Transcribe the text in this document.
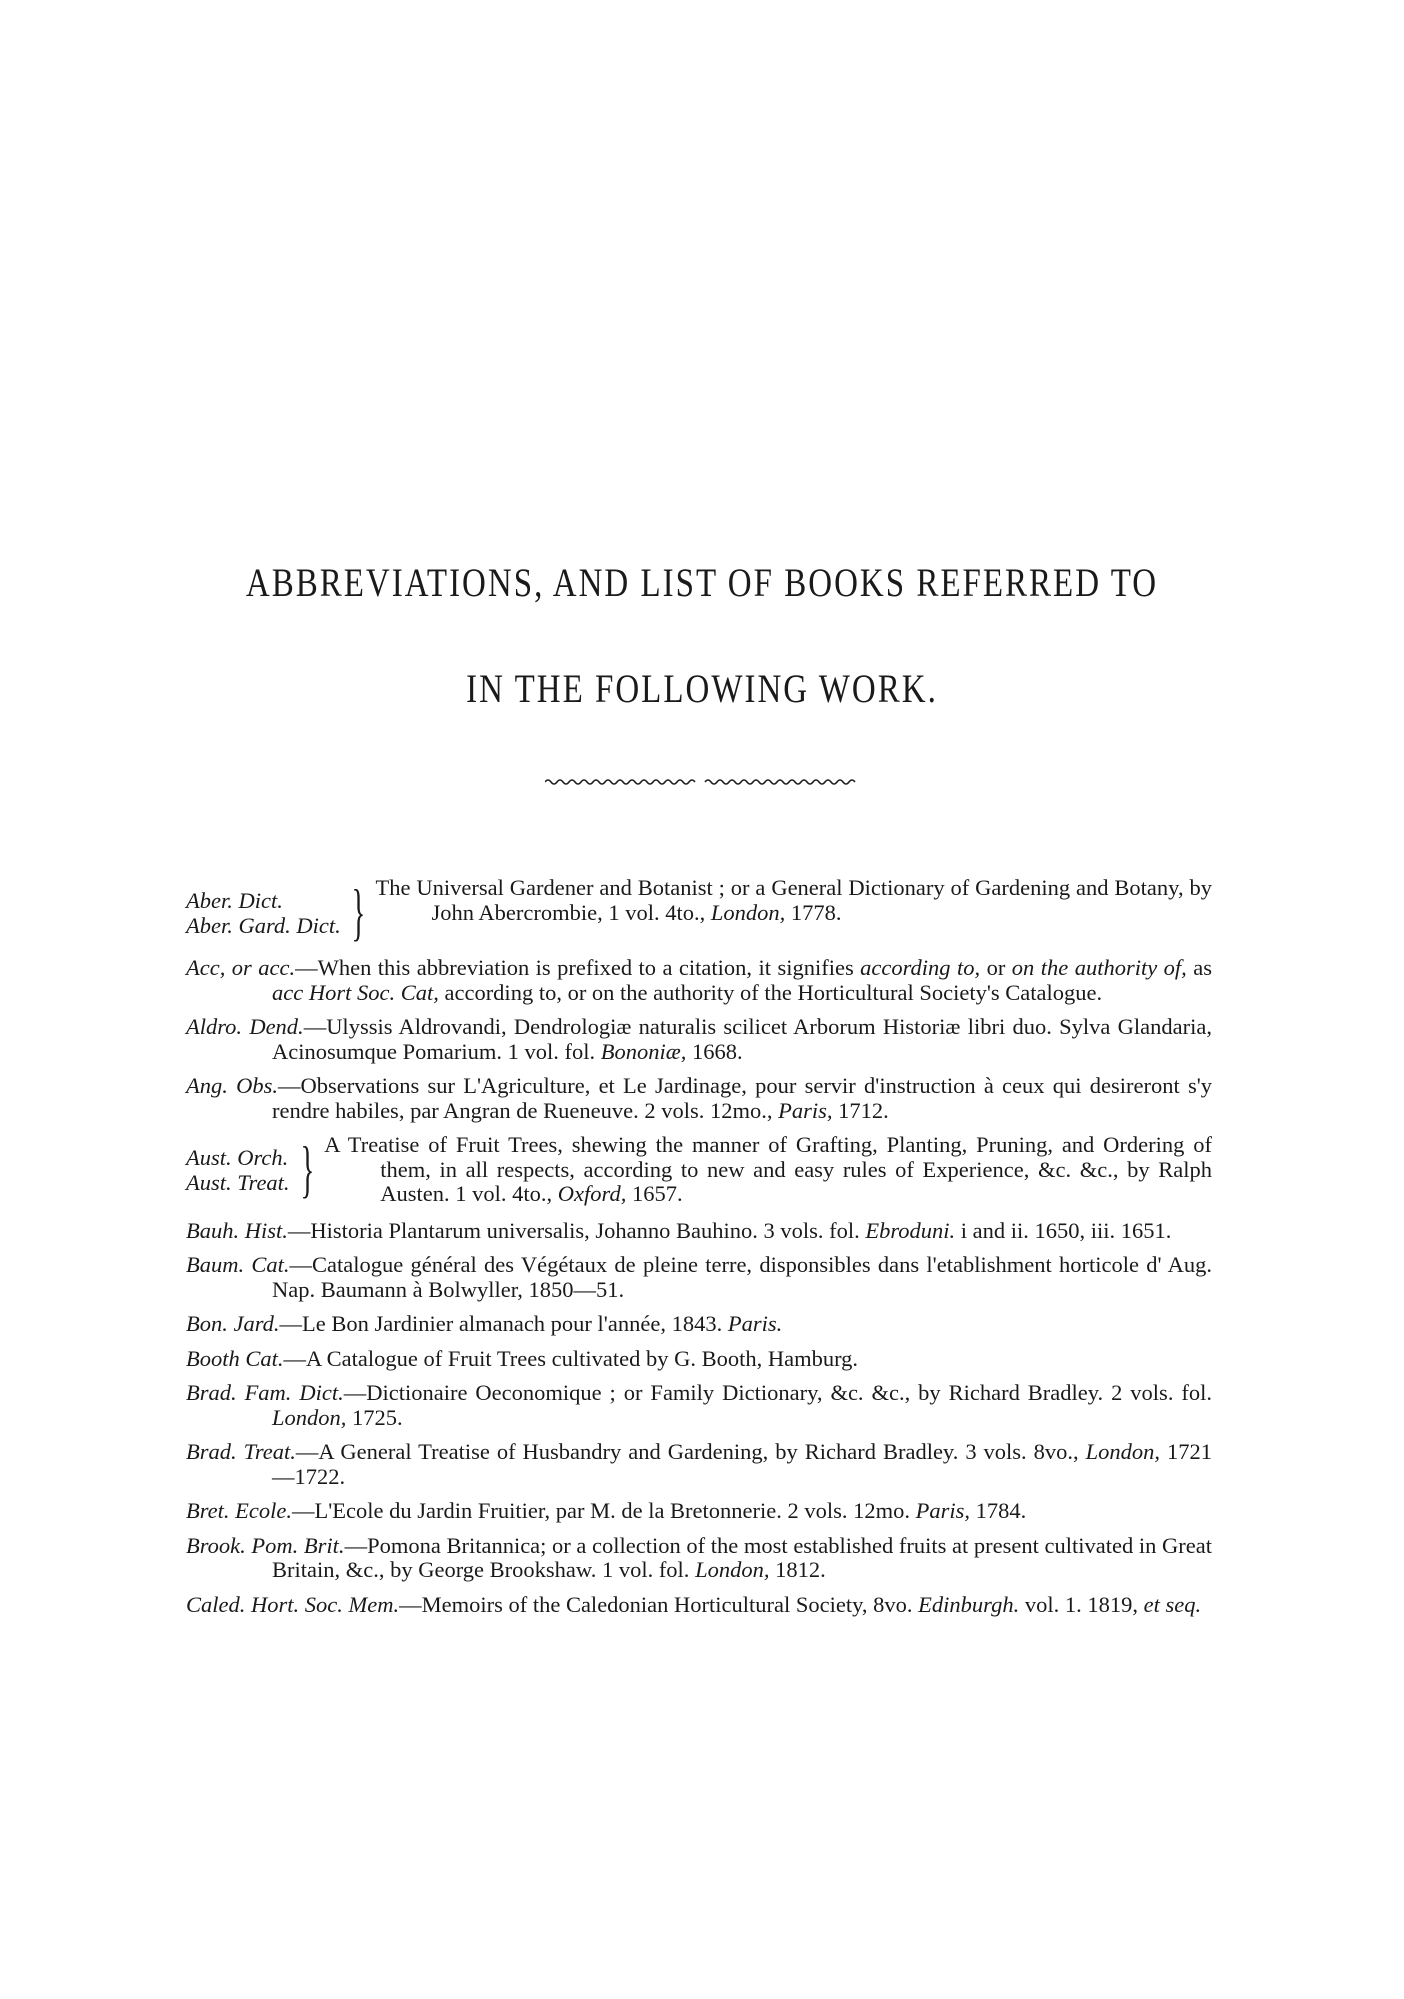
ABBREVIATIONS, AND LIST OF BOOKS REFERRED TO
IN THE FOLLOWING WORK.
Aber. Dict.
Aber. Gard. Dict. } The Universal Gardener and Botanist ; or a General Dictionary of Gardening and Botany, by John Abercrombie, 1 vol. 4to., London, 1778.
Acc, or acc.—When this abbreviation is prefixed to a citation, it signifies according to, or on the authority of, as acc Hort Soc. Cat, according to, or on the authority of the Horticultural Society's Catalogue.
Aldro. Dend.—Ulyssis Aldrovandi, Dendrologiæ naturalis scilicet Arborum Historiæ libri duo. Sylva Glandaria, Acinosumque Pomarium. 1 vol. fol. Bononiæ, 1668.
Ang. Obs.—Observations sur L'Agriculture, et Le Jardinage, pour servir d'instruction à ceux qui desireront s'y rendre habiles, par Angran de Rueneuve. 2 vols. 12mo., Paris, 1712.
Aust. Orch.
Aust. Treat. } A Treatise of Fruit Trees, shewing the manner of Grafting, Planting, Pruning, and Ordering of them, in all respects, according to new and easy rules of Experience, &c. &c., by Ralph Austen. 1 vol. 4to., Oxford, 1657.
Bauh. Hist.—Historia Plantarum universalis, Johanno Bauhino. 3 vols. fol. Ebroduni. i and ii. 1650, iii. 1651.
Baum. Cat.—Catalogue général des Végétaux de pleine terre, disponsibles dans l'etablishment horticole d' Aug. Nap. Baumann à Bolwyller, 1850—51.
Bon. Jard.—Le Bon Jardinier almanach pour l'année, 1843. Paris.
Booth Cat.—A Catalogue of Fruit Trees cultivated by G. Booth, Hamburg.
Brad. Fam. Dict.—Dictionaire Oeconomique ; or Family Dictionary, &c. &c., by Richard Bradley. 2 vols. fol. London, 1725.
Brad. Treat.—A General Treatise of Husbandry and Gardening, by Richard Bradley. 3 vols. 8vo., London, 1721—1722.
Bret. Ecole.—L'Ecole du Jardin Fruitier, par M. de la Bretonnerie. 2 vols. 12mo. Paris, 1784.
Brook. Pom. Brit.—Pomona Britannica; or a collection of the most established fruits at present cultivated in Great Britain, &c., by George Brookshaw. 1 vol. fol. London, 1812.
Caled. Hort. Soc. Mem.—Memoirs of the Caledonian Horticultural Society, 8vo. Edinburgh. vol. 1. 1819, et seq.
